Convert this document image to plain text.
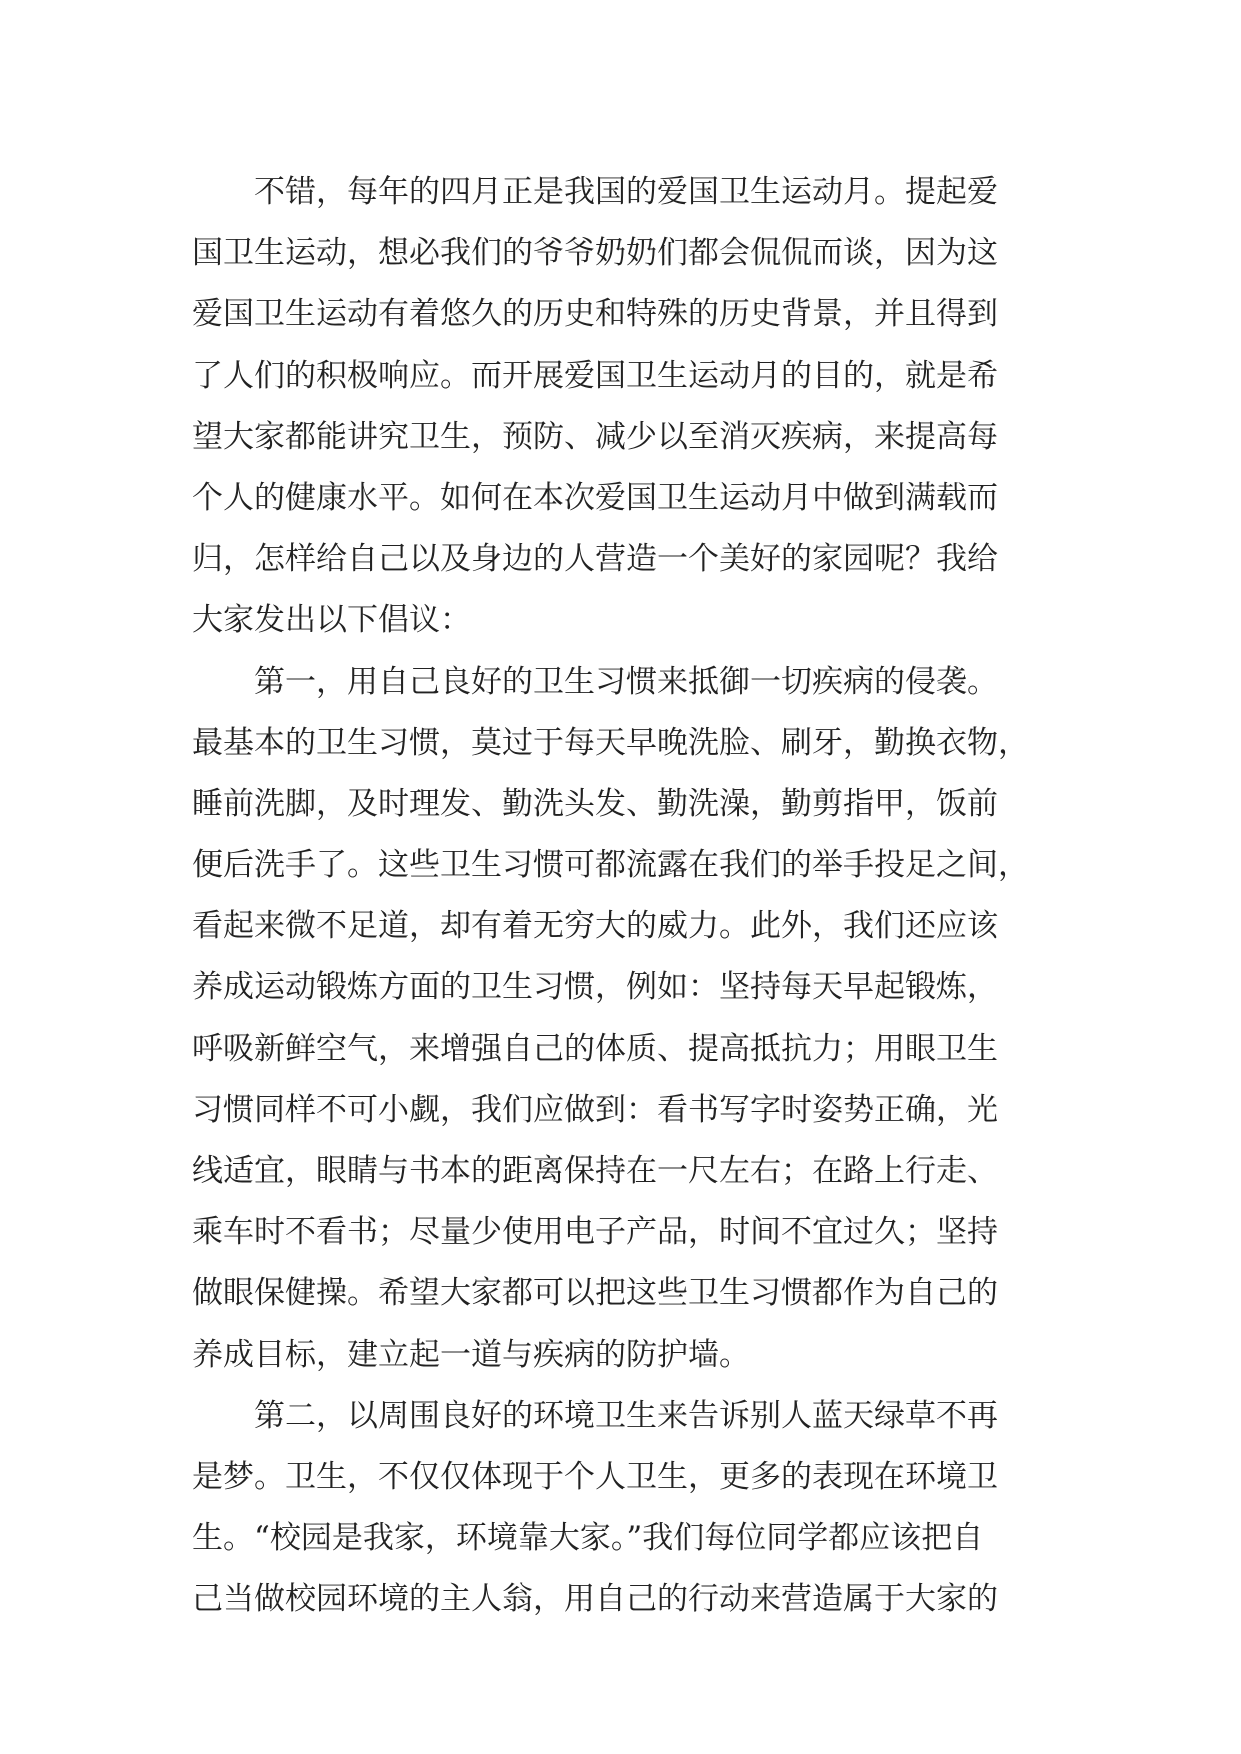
不错，每年的四月正是我国的爱国卫生运动月。提起爱
国卫生运动，想必我们的爷爷奶奶们都会侃侃而谈，因为这
爱国卫生运动有着悠久的历史和特殊的历史背景，并且得到
了人们的积极响应。而开展爱国卫生运动月的目的，就是希
望大家都能讲究卫生，预防、减少以至消灭疾病，来提高每
个人的健康水平。如何在本次爱国卫生运动月中做到满载而
归，怎样给自己以及身边的人营造一个美好的家园呢？我给
大家发出以下倡议：
第一，用自己良好的卫生习惯来抵御一切疾病的侵袭。
最基本的卫生习惯，莫过于每天早晚洗脸、刷牙，勤换衣物，
睡前洗脚，及时理发、勤洗头发、勤洗澡，勤剪指甲，饭前
便后洗手了。这些卫生习惯可都流露在我们的举手投足之间，
看起来微不足道，却有着无穷大的威力。此外，我们还应该
养成运动锻炼方面的卫生习惯，例如：坚持每天早起锻炼，
呼吸新鲜空气，来增强自己的体质、提高抵抗力；用眼卫生
习惯同样不可小觑，我们应做到：看书写字时姿势正确，光
线适宜，眼睛与书本的距离保持在一尺左右；在路上行走、
乘车时不看书；尽量少使用电子产品，时间不宜过久；坚持
做眼保健操。希望大家都可以把这些卫生习惯都作为自己的
养成目标，建立起一道与疾病的防护墙。
第二，以周围良好的环境卫生来告诉别人蓝天绿草不再
是梦。卫生，不仅仅体现于个人卫生，更多的表现在环境卫
生。“校园是我家，环境靠大家。”我们每位同学都应该把自
己当做校园环境的主人翁，用自己的行动来营造属于大家的
